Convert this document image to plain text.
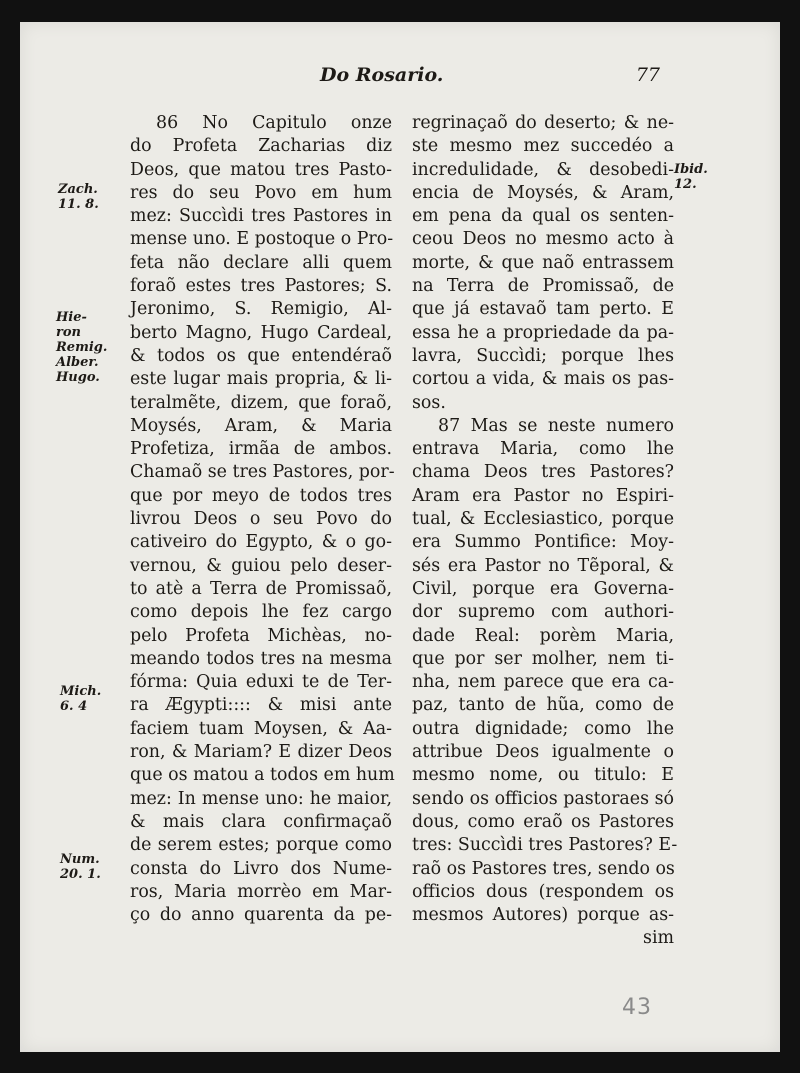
Do Rosario.	77
86 No Capitulo onze
do Profeta Zacharias diz
Deos, que matou tres Pasto-
res do seu Povo em hum
mez: Succìdi tres Pastores in
mense uno. E postoque o Pro-
feta não declare alli quem
foraõ estes tres Pastores; S.
Jeronimo, S. Remigio, Al-
berto Magno, Hugo Cardeal,
& todos os que entendéraõ
este lugar mais propria, & li-
teralmẽte, dizem, que foraõ,
Moysés, Aram, & Maria
Profetiza, irmãa de ambos.
Chamaõ se tres Pastores, por-
que por meyo de todos tres
livrou Deos o seu Povo do
cativeiro do Egypto, & o go-
vernou, & guiou pelo deser-
to atè a Terra de Promissaõ,
como depois lhe fez cargo
pelo Profeta Michèas, no-
meando todos tres na mesma
fórma: Quia eduxi te de Ter-
ra Ægypti:::: & misi ante
faciem tuam Moysen, & Aa-
ron, & Mariam? E dizer Deos
que os matou a todos em hum
mez: In mense uno: he maior,
& mais clara confirmaçaõ
de serem estes; porque como
consta do Livro dos Nume-
ros, Maria morrèo em Mar-
ço do anno quarenta da pe-
regrinaçaõ do deserto; & ne-
ste mesmo mez succedéo a
incredulidade, & desobedi-
encia de Moysés, & Aram,
em pena da qual os senten-
ceou Deos no mesmo acto à
morte, & que naõ entrassem
na Terra de Promissaõ, de
que já estavaõ tam perto. E
essa he a propriedade da pa-
lavra, Succìdi; porque lhes
cortou a vida, & mais os pas-
sos.
87 Mas se neste numero
entrava Maria, como lhe
chama Deos tres Pastores?
Aram era Pastor no Espiri-
tual, & Ecclesiastico, porque
era Summo Pontifice: Moy-
sés era Pastor no Tẽporal, &
Civil, porque era Governa-
dor supremo com authori-
dade Real: porèm Maria,
que por ser molher, nem ti-
nha, nem parece que era ca-
paz, tanto de hũa, como de
outra dignidade; como lhe
attribue Deos igualmente o
mesmo nome, ou titulo: E
sendo os officios pastoraes só
dous, como eraõ os Pastores
tres: Succìdi tres Pastores? E-
raõ os Pastores tres, sendo os
officios dous (respondem os
mesmos Autores) porque as-
sim
Zach.
11. 8.
Hie-
ron
Remig.
Alber.
Hugo.
Mich.
6. 4
Num.
20. 1.
Ibid.
12.
43
